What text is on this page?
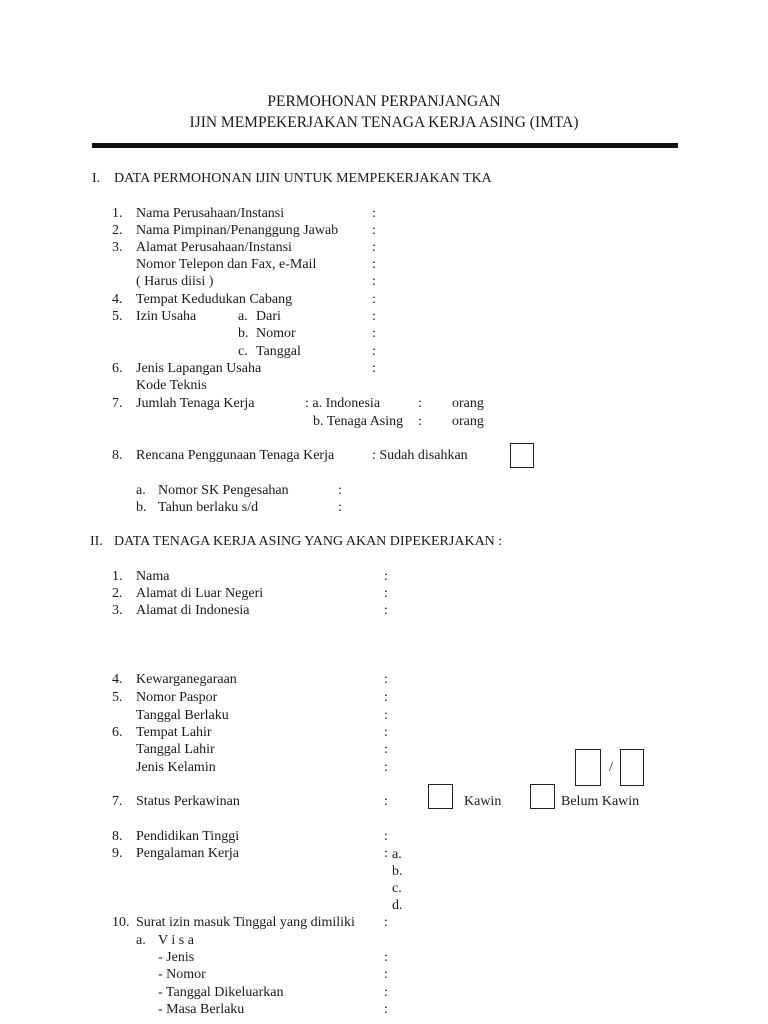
PERMOHONAN PERPANJANGAN
IJIN MEMPEKERJAKAN TENAGA KERJA ASING (IMTA)
I. DATA PERMOHONAN IJIN UNTUK MEMPEKERJAKAN TKA
1. Nama Perusahaan/Instansi	:
2. Nama Pimpinan/Penanggung Jawab :
3. Alamat Perusahaan/Instansi	:
Nomor Telepon dan Fax, e-Mail	:
( Harus diisi )	:
4. Tempat Kedudukan Cabang	:
5. Izin Usaha	a. Dari	:
b. Nomor	:
c. Tanggal	:
6. Jenis Lapangan Usaha	:
Kode Teknis
7. Jumlah Tenaga Kerja	: a. Indonesia	: orang
b. Tenaga Asing : orang
8. Rencana Penggunaan Tenaga Kerja	: Sudah disahkan
a. Nomor SK Pengesahan	:
b. Tahun berlaku s/d	:
II. DATA TENAGA KERJA ASING YANG AKAN DIPEKERJAKAN :
1. Nama	:
2. Alamat di Luar Negeri	:
3. Alamat di Indonesia	:
4. Kewarganegaraan	:
5. Nomor Paspor	:
Tanggal Berlaku	:
6. Tempat Lahir	:
Tanggal Lahir	:
Jenis Kelamin	:	/
7. Status Perkawinan	:	Kawin	Belum Kawin
8. Pendidikan Tinggi	:
9. Pengalaman Kerja	: a.
b.
c.
d.
10. Surat izin masuk Tinggal yang dimiliki :
a. V i s a
- Jenis	:
- Nomor	:
- Tanggal Dikeluarkan	:
- Masa Berlaku	:
